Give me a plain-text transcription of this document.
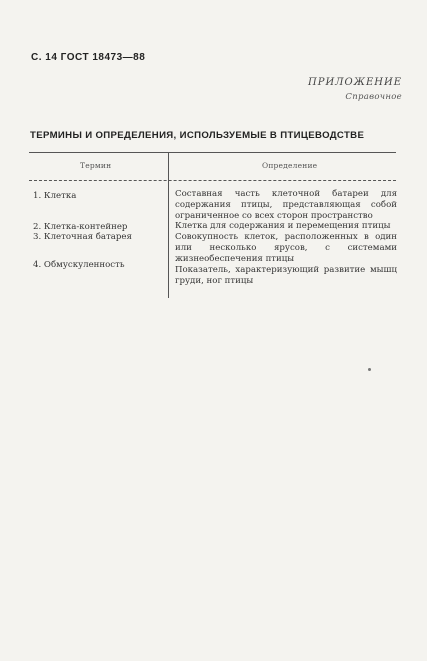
С. 14 ГОСТ 18473—88
ПРИЛОЖЕНИЕ
Справочное
ТЕРМИНЫ И ОПРЕДЕЛЕНИЯ, ИСПОЛЬЗУЕМЫЕ В ПТИЦЕВОДСТВЕ
Термин	Определение
1. Клетка	Составная часть клеточной батареи для содержания птицы, представляющая собой ограниченное со всех сторон пространство
2. Клетка-контейнер	Клетка для содержания и перемещения птицы
3. Клеточная батарея	Совокупность клеток, расположенных в один или несколько ярусов, с системами жизнеобеспечения птицы
4. Обмускуленность	Показатель, характеризующий развитие мышц груди, ног птицы
